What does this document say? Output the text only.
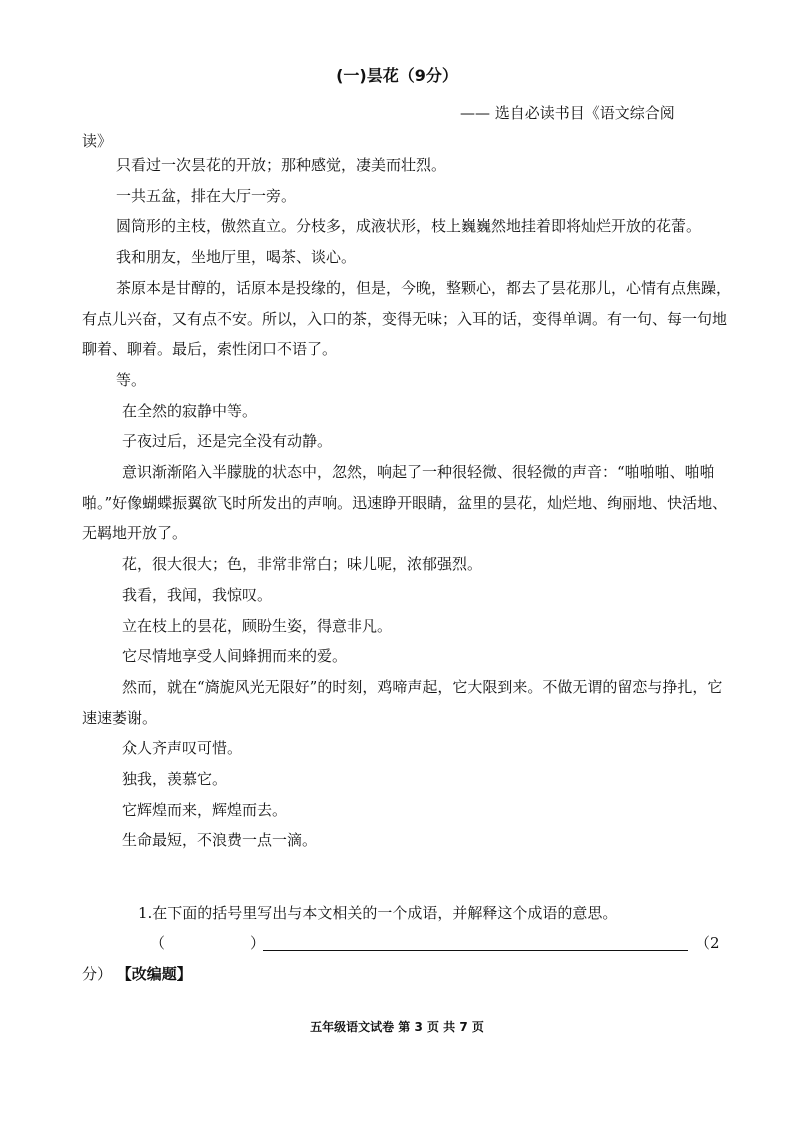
(一)昙花（9分）
—— 选自必读书目《语文综合阅
读》

只看过一次昙花的开放；那种感觉，凄美而壮烈。

一共五盆，排在大厅一旁。

圆筒形的主枝，傲然直立。分枝多，成液状形，枝上巍巍然地挂着即将灿烂开放的花蕾。

我和朋友，坐地厅里，喝茶、谈心。

茶原本是甘醇的，话原本是投缘的，但是，今晚，整颗心，都去了昙花那儿，心情有点焦躁，有点儿兴奋，又有点不安。所以，入口的茶，变得无味；入耳的话，变得单调。有一句、每一句地聊着、聊着。最后，索性闭口不语了。

等。

在全然的寂静中等。

子夜过后，还是完全没有动静。

意识渐渐陷入半朦胧的状态中，忽然，响起了一种很轻微、很轻微的声音：“啪啪啪、啪啪啪。”好像蝴蝶振翼欲飞时所发出的声响。迅速睁开眼睛，盆里的昙花，灿烂地、绚丽地、快活地、无羁地开放了。

花，很大很大；色，非常非常白；味儿呢，浓郁强烈。

我看，我闻，我惊叹。

立在枝上的昙花，顾盼生姿，得意非凡。

它尽情地享受人间蜂拥而来的爱。

然而，就在“旖旎风光无限好”的时刻，鸡啼声起，它大限到来。不做无谓的留恋与挣扎，它速速萎谢。

众人齐声叹可惜。

独我，羡慕它。

它辉煌而来，辉煌而去。

生命最短，不浪费一点一滴。

1.在下面的括号里写出与本文相关的一个成语，并解释这个成语的意思。
（	）	（2
分） 【改编题】
五年级语文试卷 第 3 页 共 7 页
